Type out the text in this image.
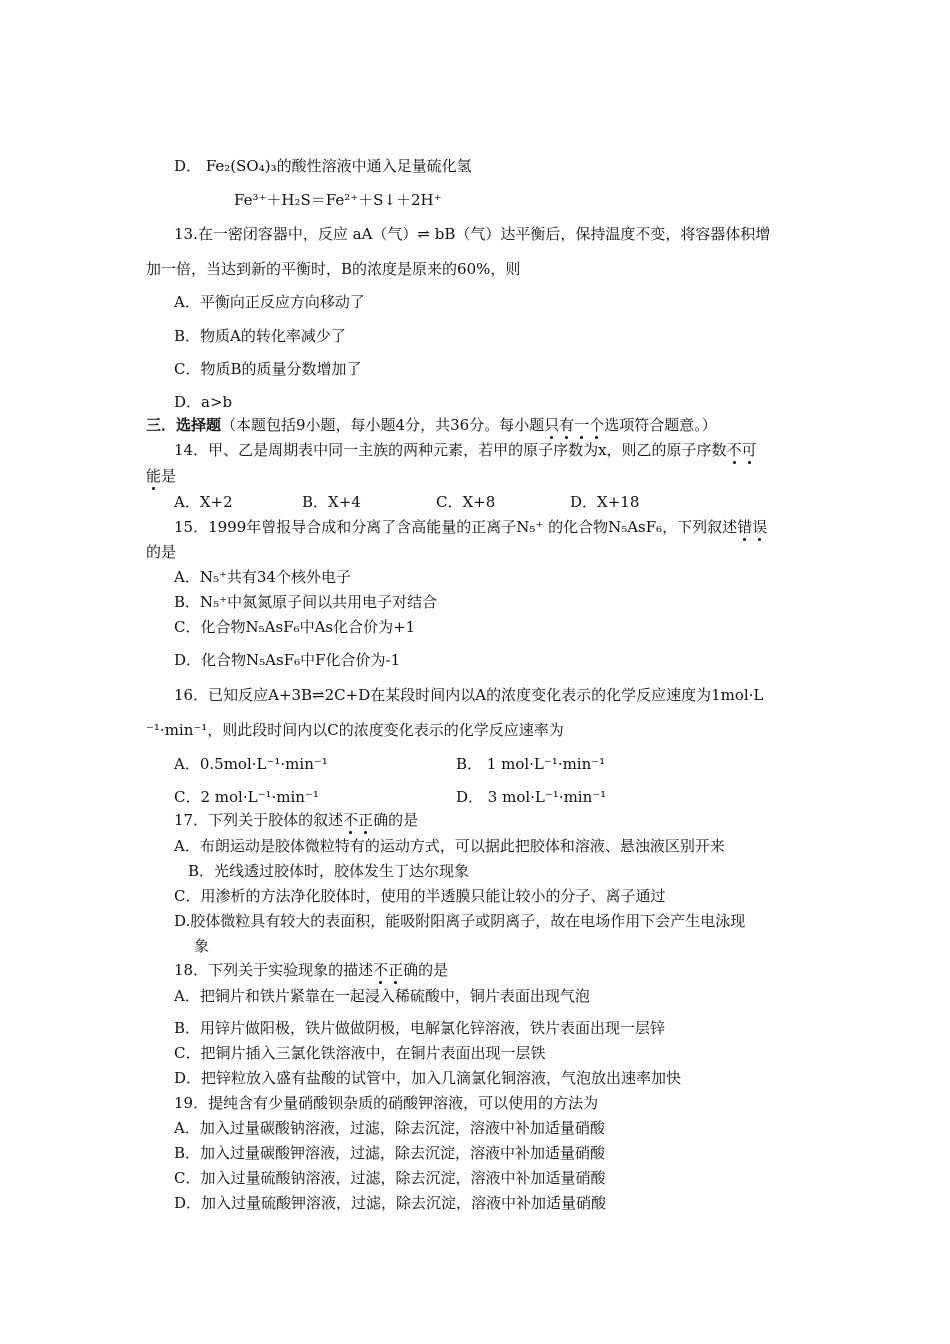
D． Fe₂(SO₄)₃的酸性溶液中通入足量硫化氢
Fe³⁺＋H₂S＝Fe²⁺＋S↓＋2H⁺
13.在一密闭容器中，反应 aA（气）⇌ bB（气）达平衡后，保持温度不变，将容器体积增
加一倍，当达到新的平衡时，B的浓度是原来的60%，则
A．平衡向正反应方向移动了
B．物质A的转化率减少了
C．物质B的质量分数增加了
D．a>b
三．选择题（本题包括9小题，每小题4分，共36分。每小题只有一个选项符合题意。）
14．甲、乙是周期表中同一主族的两种元素，若甲的原子序数为x，则乙的原子序数不可
能是
A．X+2	B．X+4	C．X+8	D．X+18
15．1999年曾报导合成和分离了含高能量的正离子N₅⁺ 的化合物N₅AsF₆，下列叙述错误
的是
A．N₅⁺共有34个核外电子
B．N₅⁺中氮氮原子间以共用电子对结合
C．化合物N₅AsF₆中As化合价为+1
D．化合物N₅AsF₆中F化合价为-1
16．已知反应A+3B⇌2C+D在某段时间内以A的浓度变化表示的化学反应速度为1mol·L
⁻¹·min⁻¹，则此段时间内以C的浓度变化表示的化学反应速率为
A．0.5mol·L⁻¹·min⁻¹	B． 1 mol·L⁻¹·min⁻¹
C．2 mol·L⁻¹·min⁻¹	D． 3 mol·L⁻¹·min⁻¹
17．下列关于胶体的叙述不正确的是
A．布朗运动是胶体微粒特有的运动方式，可以据此把胶体和溶液、悬浊液区别开来
B．光线透过胶体时，胶体发生丁达尔现象
C．用渗析的方法净化胶体时，使用的半透膜只能让较小的分子、离子通过
D.胶体微粒具有较大的表面积，能吸附阳离子或阴离子，故在电场作用下会产生电泳现
象
18．下列关于实验现象的描述不正确的是
A．把铜片和铁片紧靠在一起浸入稀硫酸中，铜片表面出现气泡
B．用锌片做阳极，铁片做做阴极，电解氯化锌溶液，铁片表面出现一层锌
C．把铜片插入三氯化铁溶液中，在铜片表面出现一层铁
D．把锌粒放入盛有盐酸的试管中，加入几滴氯化铜溶液，气泡放出速率加快
19．提纯含有少量硝酸钡杂质的硝酸钾溶液，可以使用的方法为
A．加入过量碳酸钠溶液，过滤，除去沉淀，溶液中补加适量硝酸
B．加入过量碳酸钾溶液，过滤，除去沉淀，溶液中补加适量硝酸
C．加入过量硫酸钠溶液，过滤，除去沉淀，溶液中补加适量硝酸
D．加入过量硫酸钾溶液，过滤，除去沉淀，溶液中补加适量硝酸
